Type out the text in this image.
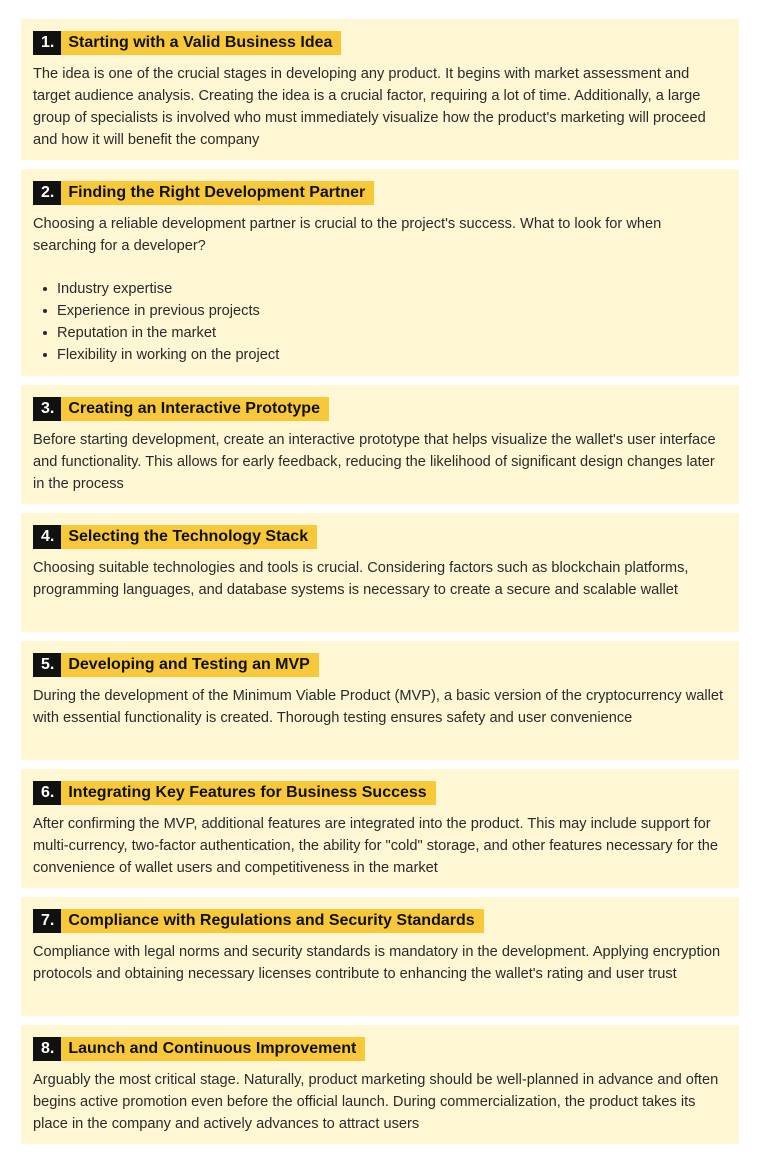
1. Starting with a Valid Business Idea

The idea is one of the crucial stages in developing any product. It begins with market assessment and target audience analysis. Creating the idea is a crucial factor, requiring a lot of time. Additionally, a large group of specialists is involved who must immediately visualize how the product's marketing will proceed and how it will benefit the company

2. Finding the Right Development Partner

Choosing a reliable development partner is crucial to the project's success. What to look for when searching for a developer?

Industry expertise
Experience in previous projects
Reputation in the market
Flexibility in working on the project
3. Creating an Interactive Prototype

Before starting development, create an interactive prototype that helps visualize the wallet's user interface and functionality. This allows for early feedback, reducing the likelihood of significant design changes later in the process

4. Selecting the Technology Stack

Choosing suitable technologies and tools is crucial. Considering factors such as blockchain platforms, programming languages, and database systems is necessary to create a secure and scalable wallet

5. Developing and Testing an MVP

During the development of the Minimum Viable Product (MVP), a basic version of the cryptocurrency wallet with essential functionality is created. Thorough testing ensures safety and user convenience

6. Integrating Key Features for Business Success

After confirming the MVP, additional features are integrated into the product. This may include support for multi-currency, two-factor authentication, the ability for "cold" storage, and other features necessary for the convenience of wallet users and competitiveness in the market

7. Compliance with Regulations and Security Standards

Compliance with legal norms and security standards is mandatory in the development. Applying encryption protocols and obtaining necessary licenses contribute to enhancing the wallet's rating and user trust

8. Launch and Continuous Improvement

Arguably the most critical stage. Naturally, product marketing should be well-planned in advance and often begins active promotion even before the official launch. During commercialization, the product takes its place in the company and actively advances to attract users
